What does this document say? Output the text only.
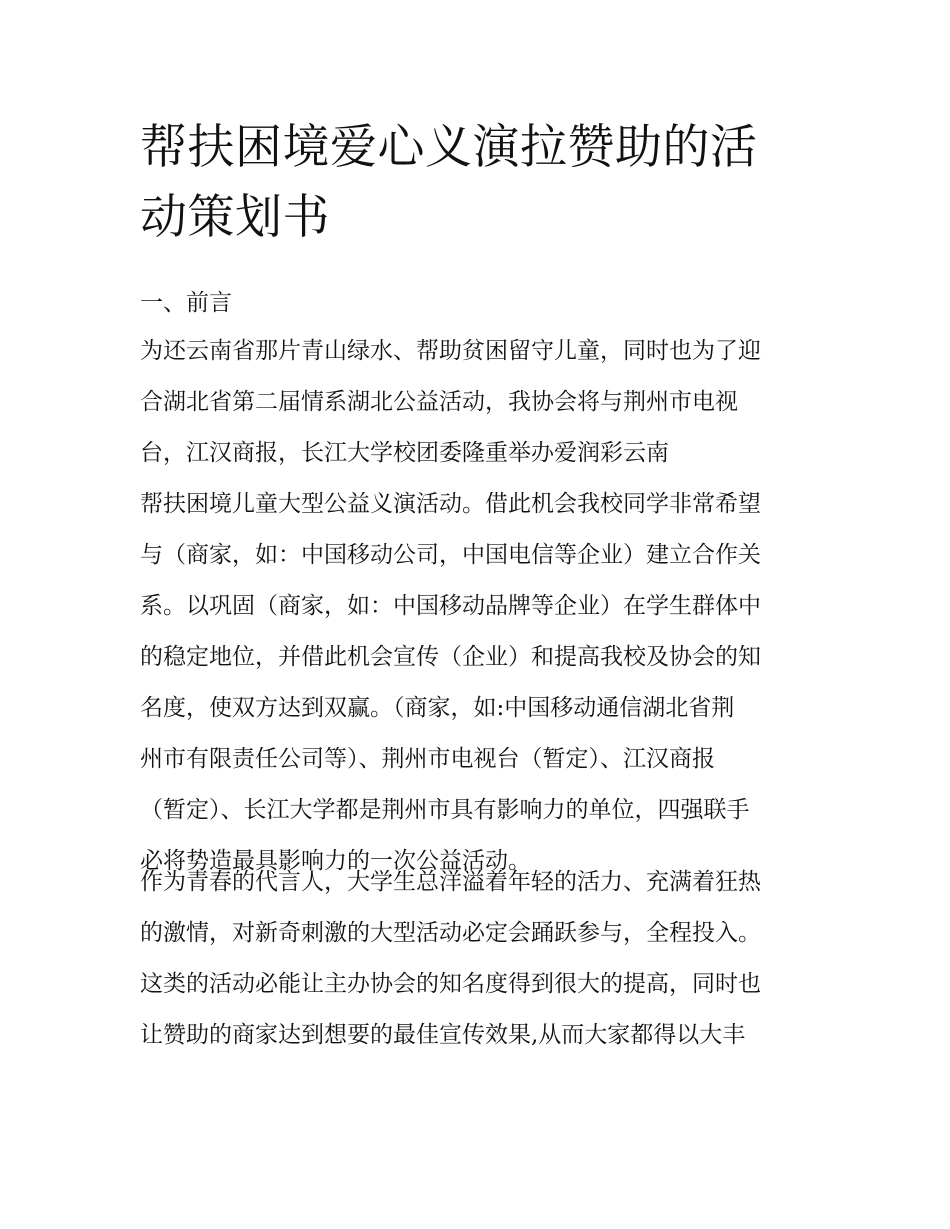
帮扶困境爱心义演拉赞助的活
动策划书
一、前言

为还云南省那片青山绿水、帮助贫困留守儿童，同时也为了迎
合湖北省第二届情系湖北公益活动，我协会将与荆州市电视
台，江汉商报，长江大学校团委隆重举办爱润彩云南
帮扶困境儿童大型公益义演活动。借此机会我校同学非常希望
与（商家，如：中国移动公司，中国电信等企业）建立合作关
系。以巩固（商家，如：中国移动品牌等企业）在学生群体中
的稳定地位，并借此机会宣传（企业）和提高我校及协会的知
名度，使双方达到双赢。（商家，如:中国移动通信湖北省荆
州市有限责任公司等）、荆州市电视台（暂定）、江汉商报
（暂定）、长江大学都是荆州市具有影响力的单位，四强联手
必将势造最具影响力的一次公益活动。

作为青春的代言人，大学生总洋溢着年轻的活力、充满着狂热
的激情，对新奇刺激的大型活动必定会踊跃参与，全程投入。
这类的活动必能让主办协会的知名度得到很大的提高，同时也
让赞助的商家达到想要的最佳宣传效果,从而大家都得以大丰
